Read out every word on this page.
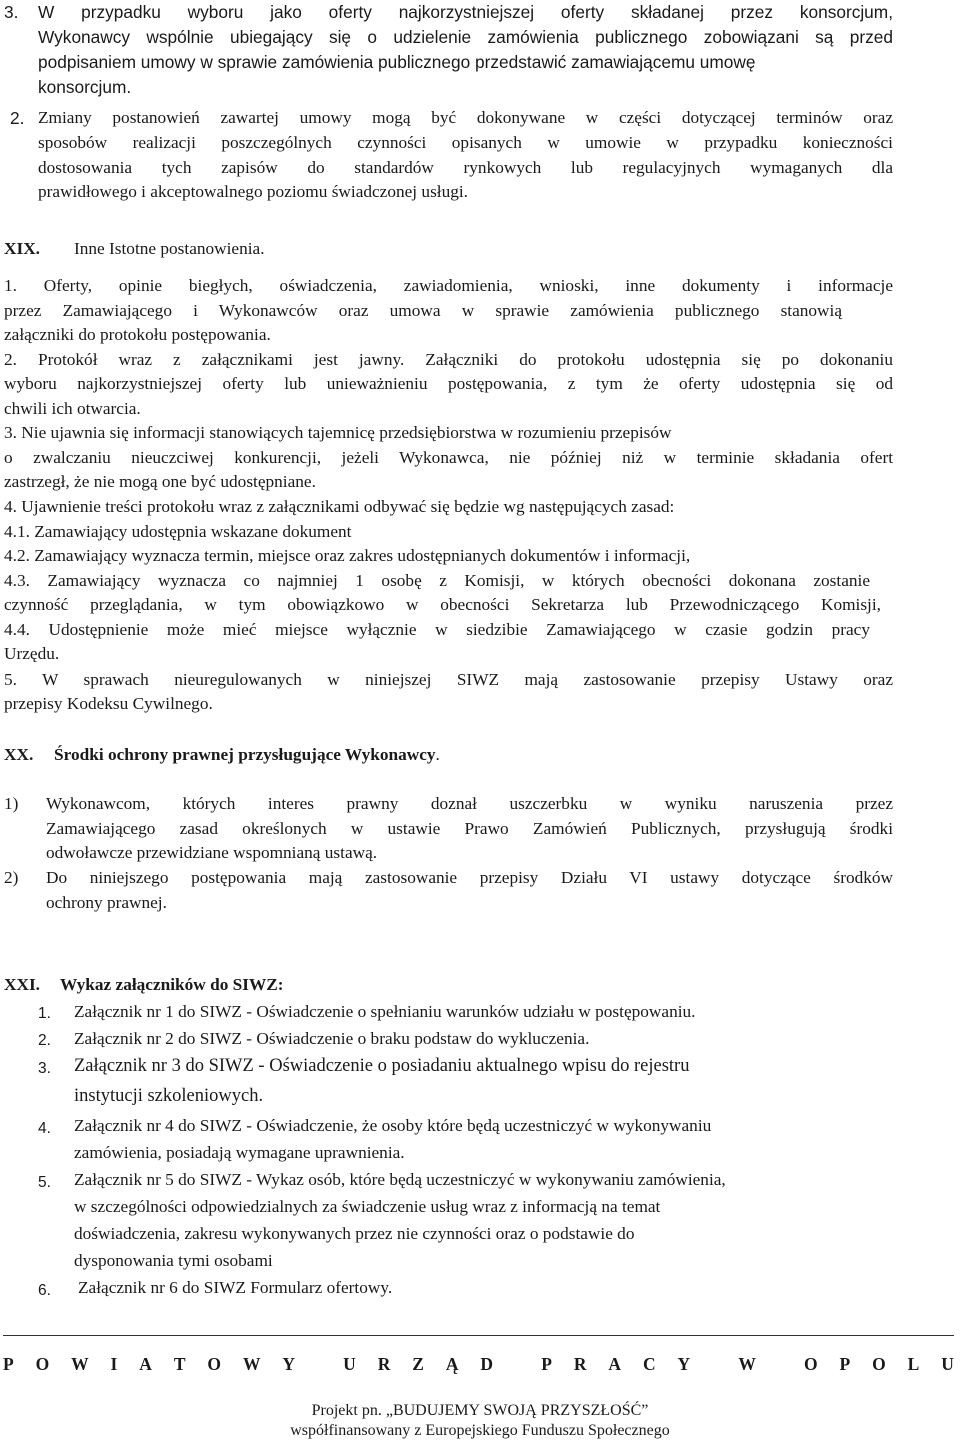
3. W przypadku wyboru jako oferty najkorzystniejszej oferty składanej przez konsorcjum,
Wykonawcy wspólnie ubiegający się o udzielenie zamówienia publicznego zobowiązani są przed
podpisaniem umowy w sprawie zamówienia publicznego przedstawić zamawiającemu umowę
konsorcjum.
2. Zmiany postanowień zawartej umowy mogą być dokonywane w części dotyczącej terminów oraz
sposobów realizacji poszczególnych czynności opisanych w umowie w przypadku konieczności
dostosowania tych zapisów do standardów rynkowych lub regulacyjnych wymaganych dla
prawidłowego i akceptowalnego poziomu świadczonej usługi.
XIX. Inne Istotne postanowienia.
1. Oferty, opinie biegłych, oświadczenia, zawiadomienia, wnioski, inne dokumenty i informacje
przez Zamawiającego i Wykonawców oraz umowa w sprawie zamówienia publicznego stanowią
załączniki do protokołu postępowania.
2. Protokół wraz z załącznikami jest jawny. Załączniki do protokołu udostępnia się po dokonaniu
wyboru najkorzystniejszej oferty lub unieważnieniu postępowania, z tym że oferty udostępnia się od
chwili ich otwarcia.
3. Nie ujawnia się informacji stanowiących tajemnicę przedsiębiorstwa w rozumieniu przepisów
o zwalczaniu nieuczciwej konkurencji, jeżeli Wykonawca, nie później niż w terminie składania ofert
zastrzegł, że nie mogą one być udostępniane.
4. Ujawnienie treści protokołu wraz z załącznikami odbywać się będzie wg następujących zasad:
4.1. Zamawiający udostępnia wskazane dokument
4.2. Zamawiający wyznacza termin, miejsce oraz zakres udostępnianych dokumentów i informacji,
4.3. Zamawiający wyznacza co najmniej 1 osobę z Komisji, w których obecności dokonana zostanie
czynność przeglądania, w tym obowiązkowo w obecności Sekretarza lub Przewodniczącego Komisji,
4.4. Udostępnienie może mieć miejsce wyłącznie w siedzibie Zamawiającego w czasie godzin pracy
Urzędu.
5. W sprawach nieuregulowanych w niniejszej SIWZ mają zastosowanie przepisy Ustawy oraz
przepisy Kodeksu Cywilnego.
XX. Środki ochrony prawnej przysługujące Wykonawcy.
1) Wykonawcom, których interes prawny doznał uszczerbku w wyniku naruszenia przez
Zamawiającego zasad określonych w ustawie Prawo Zamówień Publicznych, przysługują środki
odwoławcze przewidziane wspomnianą ustawą.
2) Do niniejszego postępowania mają zastosowanie przepisy Działu VI ustawy dotyczące środków
ochrony prawnej.
XXI. Wykaz załączników do SIWZ:
1. Załącznik nr 1 do SIWZ - Oświadczenie o spełnianiu warunków udziału w postępowaniu.
2. Załącznik nr 2 do SIWZ - Oświadczenie o braku podstaw do wykluczenia.
3. Załącznik nr 3 do SIWZ - Oświadczenie o posiadaniu aktualnego wpisu do rejestru
instytucji szkoleniowych.
4. Załącznik nr 4 do SIWZ - Oświadczenie, że osoby które będą uczestniczyć w wykonywaniu
zamówienia, posiadają wymagane uprawnienia.
5. Załącznik nr 5 do SIWZ - Wykaz osób, które będą uczestniczyć w wykonywaniu zamówienia,
w szczególności odpowiedzialnych za świadczenie usług wraz z informacją na temat
doświadczenia, zakresu wykonywanych przez nie czynności oraz o podstawie do
dysponowania tymi osobami
6. Załącznik nr 6 do SIWZ Formularz ofertowy.
P O W I A T O W Y
	U R Z Ą D
	P R A C Y
	W
	O P O L U
Projekt pn. „BUDUJEMY SWOJĄ PRZYSZŁOŚĆ”
współfinansowany z Europejskiego Funduszu Społecznego
